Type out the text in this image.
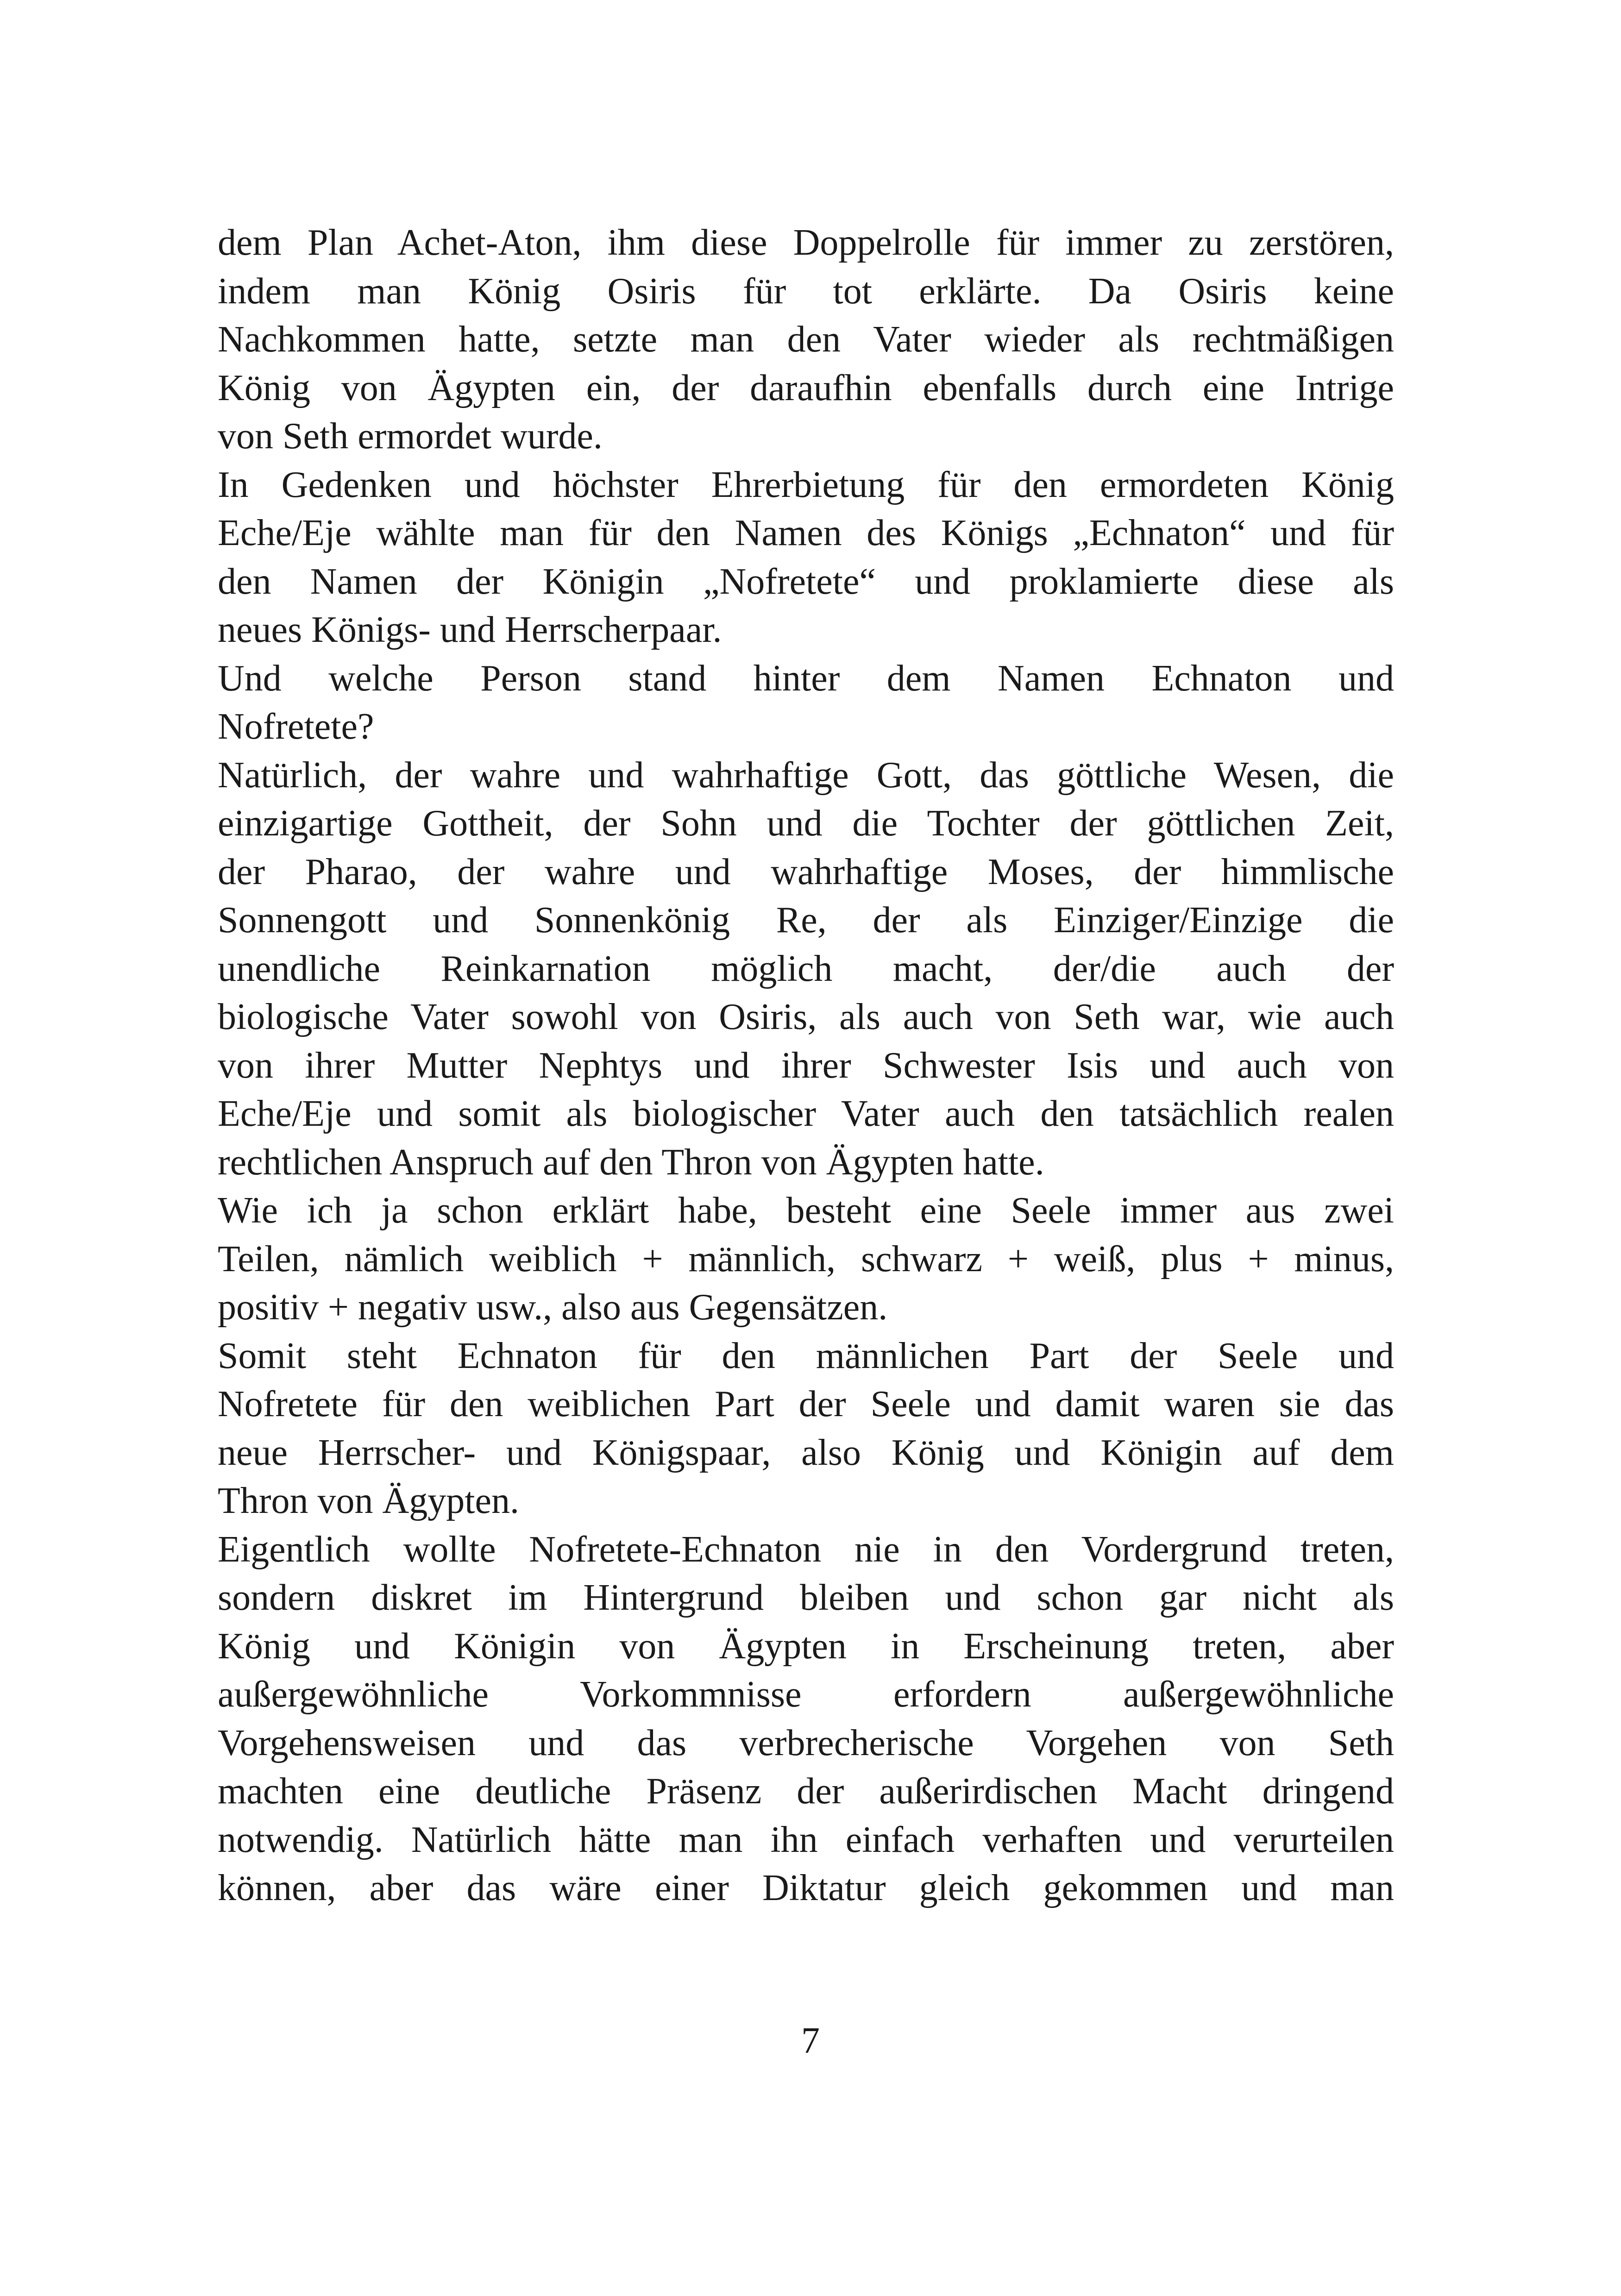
dem Plan Achet-Aton, ihm diese Doppelrolle für immer zu zerstören,
indem man König Osiris für tot erklärte. Da Osiris keine
Nachkommen hatte, setzte man den Vater wieder als rechtmäßigen
König von Ägypten ein, der daraufhin ebenfalls durch eine Intrige
von Seth ermordet wurde.
In Gedenken und höchster Ehrerbietung für den ermordeten König
Eche/Eje wählte man für den Namen des Königs „Echnaton“ und für
den Namen der Königin „Nofretete“ und proklamierte diese als
neues Königs- und Herrscherpaar.
Und welche Person stand hinter dem Namen Echnaton und
Nofretete?
Natürlich, der wahre und wahrhaftige Gott, das göttliche Wesen, die
einzigartige Gottheit, der Sohn und die Tochter der göttlichen Zeit,
der Pharao, der wahre und wahrhaftige Moses, der himmlische
Sonnengott und Sonnenkönig Re, der als Einziger/Einzige die
unendliche Reinkarnation möglich macht, der/die auch der
biologische Vater sowohl von Osiris, als auch von Seth war, wie auch
von ihrer Mutter Nephtys und ihrer Schwester Isis und auch von
Eche/Eje und somit als biologischer Vater auch den tatsächlich realen
rechtlichen Anspruch auf den Thron von Ägypten hatte.
Wie ich ja schon erklärt habe, besteht eine Seele immer aus zwei
Teilen, nämlich weiblich + männlich, schwarz + weiß, plus + minus,
positiv + negativ usw., also aus Gegensätzen.
Somit steht Echnaton für den männlichen Part der Seele und
Nofretete für den weiblichen Part der Seele und damit waren sie das
neue Herrscher- und Königspaar, also König und Königin auf dem
Thron von Ägypten.
Eigentlich wollte Nofretete-Echnaton nie in den Vordergrund treten,
sondern diskret im Hintergrund bleiben und schon gar nicht als
König und Königin von Ägypten in Erscheinung treten, aber
außergewöhnliche Vorkommnisse erfordern außergewöhnliche
Vorgehensweisen und das verbrecherische Vorgehen von Seth
machten eine deutliche Präsenz der außerirdischen Macht dringend
notwendig. Natürlich hätte man ihn einfach verhaften und verurteilen
können, aber das wäre einer Diktatur gleich gekommen und man
7
